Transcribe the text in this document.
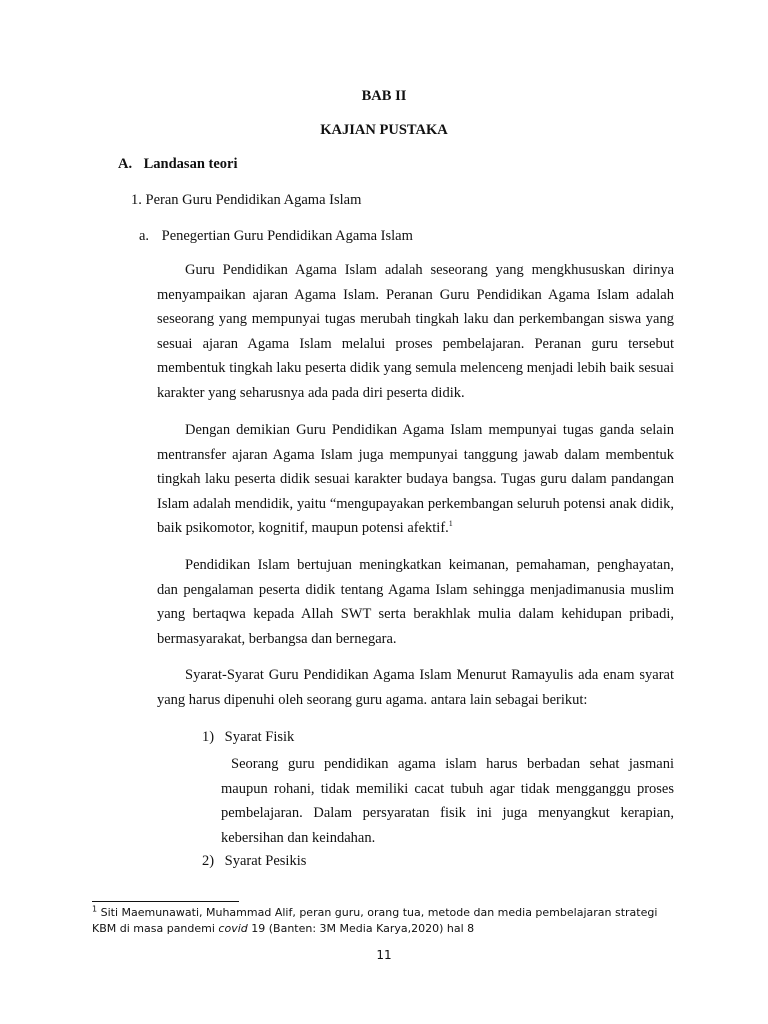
BAB II
KAJIAN PUSTAKA
A. Landasan teori
1. Peran Guru Pendidikan Agama Islam
a. Penegertian Guru Pendidikan Agama Islam

Guru Pendidikan Agama Islam adalah seseorang yang mengkhususkan dirinya menyampaikan ajaran Agama Islam. Peranan Guru Pendidikan Agama Islam adalah seseorang yang mempunyai tugas merubah tingkah laku dan perkembangan siswa yang sesuai ajaran Agama Islam melalui proses pembelajaran. Peranan guru tersebut membentuk tingkah laku peserta didik yang semula melenceng menjadi lebih baik sesuai karakter yang seharusnya ada pada diri peserta didik.

Dengan demikian Guru Pendidikan Agama Islam mempunyai tugas ganda selain mentransfer ajaran Agama Islam juga mempunyai tanggung jawab dalam membentuk tingkah laku peserta didik sesuai karakter budaya bangsa. Tugas guru dalam pandangan Islam adalah mendidik, yaitu “mengupayakan perkembangan seluruh potensi anak didik, baik psikomotor, kognitif, maupun potensi afektif.$^1$

Pendidikan Islam bertujuan meningkatkan keimanan, pemahaman, penghayatan, dan pengalaman peserta didik tentang Agama Islam sehingga menjadimanusia muslim yang bertaqwa kepada Allah SWT serta berakhlak mulia dalam kehidupan pribadi, bermasyarakat, berbangsa dan bernegara.

Syarat-Syarat Guru Pendidikan Agama Islam Menurut Ramayulis ada enam syarat yang harus dipenuhi oleh seorang guru agama. antara lain sebagai berikut:

1) Syarat Fisik

Seorang guru pendidikan agama islam harus berbadan sehat jasmani maupun rohani, tidak memiliki cacat tubuh agar tidak mengganggu proses pembelajaran. Dalam persyaratan fisik ini juga menyangkut kerapian, kebersihan dan keindahan.

2) Syarat Pesikis
$^1$ Siti Maemunawati, Muhammad Alif, peran guru, orang tua, metode dan media pembelajaran strategi KBM di masa pandemi covid 19 (Banten: 3M Media Karya,2020) hal 8
11
